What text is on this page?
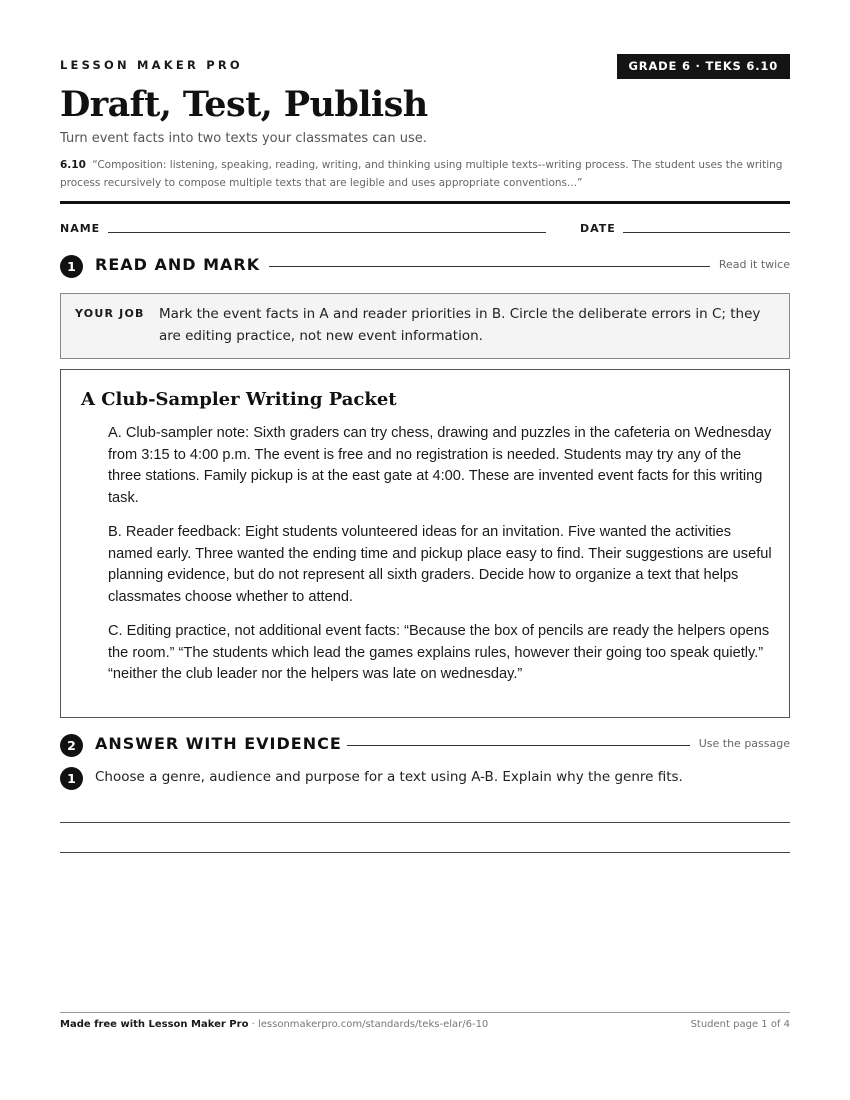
LESSON MAKER PRO	GRADE 6 · TEKS 6.10
Draft, Test, Publish
Turn event facts into two texts your classmates can use.
6.10 “Composition: listening, speaking, reading, writing, and thinking using multiple texts--writing process. The student uses the writing process recursively to compose multiple texts that are legible and uses appropriate conventions...”
NAME	DATE
1	READ AND MARK	Read it twice
YOUR JOB Mark the event facts in A and reader priorities in B. Circle the deliberate errors in C; they are editing practice, not new event information.
A Club-Sampler Writing Packet

A. Club-sampler note: Sixth graders can try chess, drawing and puzzles in the cafeteria on Wednesday from 3:15 to 4:00 p.m. The event is free and no registration is needed. Students may try any of the three stations. Family pickup is at the east gate at 4:00. These are invented event facts for this writing task.

B. Reader feedback: Eight students volunteered ideas for an invitation. Five wanted the activities named early. Three wanted the ending time and pickup place easy to find. Their suggestions are useful planning evidence, but do not represent all sixth graders. Decide how to organize a text that helps classmates choose whether to attend.

C. Editing practice, not additional event facts: “Because the box of pencils are ready the helpers opens the room.” “The students which lead the games explains rules, however their going too speak quietly.” “neither the club leader nor the helpers was late on wednesday.”

2	ANSWER WITH EVIDENCE	Use the passage
1	Choose a genre, audience and purpose for a text using A-B. Explain why the genre fits.
Made free with Lesson Maker Pro · lessonmakerpro.com/standards/teks-elar/6-10	Student page 1 of 4
